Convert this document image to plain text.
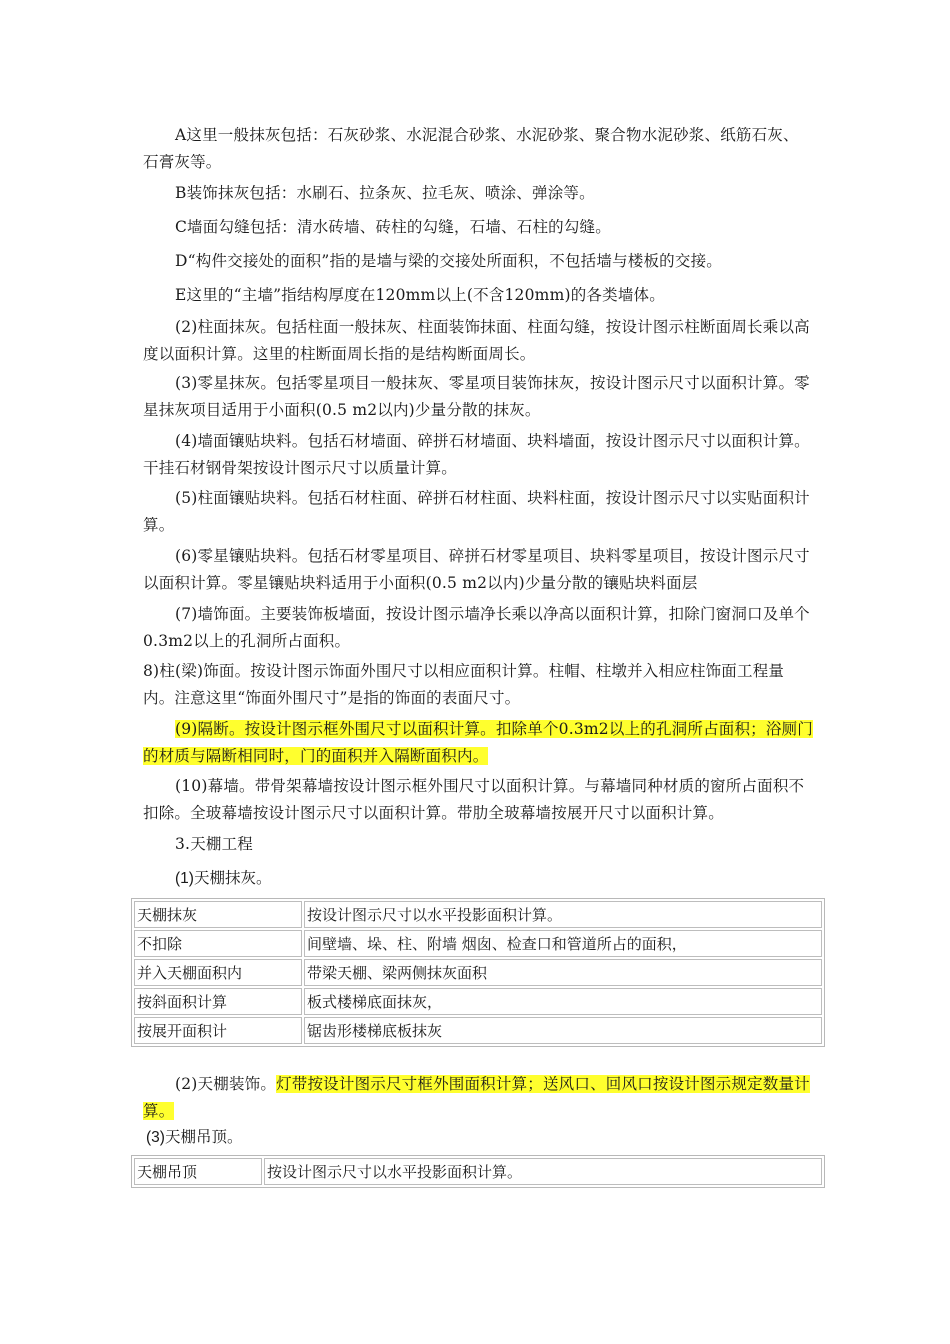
A这里一般抹灰包括：石灰砂浆、水泥混合砂浆、水泥砂浆、聚合物水泥砂浆、纸筋石灰、石膏灰等。

B装饰抹灰包括：水刷石、拉条灰、拉毛灰、喷涂、弹涂等。

C墙面勾缝包括：清水砖墙、砖柱的勾缝，石墙、石柱的勾缝。

D“构件交接处的面积”指的是墙与梁的交接处所面积，不包括墙与楼板的交接。

E这里的“主墙”指结构厚度在120mm以上(不含120mm)的各类墙体。

(2)柱面抹灰。包括柱面一般抹灰、柱面装饰抹面、柱面勾缝，按设计图示柱断面周长乘以高度以面积计算。这里的柱断面周长指的是结构断面周长。

(3)零星抹灰。包括零星项目一般抹灰、零星项目装饰抹灰，按设计图示尺寸以面积计算。零星抹灰项目适用于小面积(0.5 m2以内)少量分散的抹灰。

(4)墙面镶贴块料。包括石材墙面、碎拼石材墙面、块料墙面，按设计图示尺寸以面积计算。干挂石材钢骨架按设计图示尺寸以质量计算。

(5)柱面镶贴块料。包括石材柱面、碎拼石材柱面、块料柱面，按设计图示尺寸以实贴面积计算。

(6)零星镶贴块料。包括石材零星项目、碎拼石材零星项目、块料零星项目，按设计图示尺寸以面积计算。零星镶贴块料适用于小面积(0.5 m2以内)少量分散的镶贴块料面层

(7)墙饰面。主要装饰板墙面，按设计图示墙净长乘以净高以面积计算，扣除门窗洞口及单个0.3m2以上的孔洞所占面积。

8)柱(梁)饰面。按设计图示饰面外围尺寸以相应面积计算。柱帽、柱墩并入相应柱饰面工程量内。注意这里“饰面外围尺寸”是指的饰面的表面尺寸。

(9)隔断。按设计图示框外围尺寸以面积计算。扣除单个0.3m2以上的孔洞所占面积；浴厕门的材质与隔断相同时，门的面积并入隔断面积内。

(10)幕墙。带骨架幕墙按设计图示框外围尺寸以面积计算。与幕墙同种材质的窗所占面积不扣除。全玻幕墙按设计图示尺寸以面积计算。带肋全玻幕墙按展开尺寸以面积计算。

3.天棚工程

(1)天棚抹灰。

天棚抹灰	按设计图示尺寸以水平投影面积计算。
不扣除	间壁墙、垛、柱、附墙 烟囱、检查口和管道所占的面积，
并入天棚面积内	带梁天棚、梁两侧抹灰面积
按斜面积计算	板式楼梯底面抹灰，
按展开面积计	锯齿形楼梯底板抹灰

(2)天棚装饰。灯带按设计图示尺寸框外围面积计算；送风口、回风口按设计图示规定数量计算。

(3)天棚吊顶。

天棚吊顶	按设计图示尺寸以水平投影面积计算。
